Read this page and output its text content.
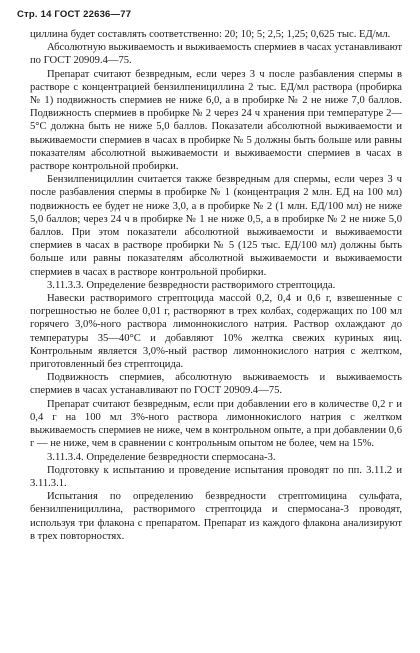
Стр. 14 ГОСТ 22636—77

циллина будет составлять соответственно: 20; 10; 5; 2,5; 1,25; 0,625 тыс. ЕД/мл.

Абсолютную выживаемость и выживаемость спермиев в часах устанавливают по ГОСТ 20909.4—75.

Препарат считают безвредным, если через 3 ч после разбавления спермы в растворе с концентрацией бензилпенициллина 2 тыс. ЕД/мл раствора (пробирка № 1) подвижность спермиев не ниже 6,0, а в пробирке № 2 не ниже 7,0 баллов. Подвижность спермиев в пробирке № 2 через 24 ч хранения при температуре 2—5°С должна быть не ниже 5,0 баллов. Показатели абсолютной выживаемости и выживаемости спермиев в часах в пробирке № 5 должны быть больше или равны показателям абсолютной выживаемости и выживаемости спермиев в часах в растворе контрольной пробирки.

Бензилпенициллин считается также безвредным для спермы, если через 3 ч после разбавления спермы в пробирке № 1 (концентрация 2 млн. ЕД на 100 мл) подвижность ее будет не ниже 3,0, а в пробирке № 2 (1 млн. ЕД/100 мл) не ниже 5,0 баллов; через 24 ч в пробирке № 1 не ниже 0,5, а в пробирке № 2 не ниже 5,0 баллов. При этом показатели абсолютной выживаемости и выживаемости спермиев в часах в растворе пробирки № 5 (125 тыс. ЕД/100 мл) должны быть больше или равны показателям абсолютной выживаемости и выживаемости спермиев в часах в растворе контрольной пробирки.

3.11.3.3. Определение безвредности растворимого стрептоцида.

Навески растворимого стрептоцида массой 0,2, 0,4 и 0,6 г, взвешенные с погрешностью не более 0,01 г, растворяют в трех колбах, содержащих по 100 мл горячего 3,0%-ного раствора лимоннокислого натрия. Раствор охлаждают до температуры 35—40°С и добавляют 10% желтка свежих куриных яиц. Контрольным является 3,0%-ный раствор лимоннокислого натрия с желтком, приготовленный без стрептоцида.

Подвижность спермиев, абсолютную выживаемость и выживаемость спермиев в часах устанавливают по ГОСТ 20909.4—75.

Препарат считают безвредным, если при добавлении его в количестве 0,2 г и 0,4 г на 100 мл 3%-ного раствора лимоннокислого натрия с желтком выживаемость спермиев не ниже, чем в контрольном опыте, а при добавлении 0,6 г — не ниже, чем в сравнении с контрольным опытом не более, чем на 15%.

3.11.3.4. Определение безвредности спермосана-3.

Подготовку к испытанию и проведение испытания проводят по пп. 3.11.2 и 3.11.3.1.

Испытания по определению безвредности стрептомицина сульфата, бензилпенициллина, растворимого стрептоцида и спермосана-3 проводят, используя три флакона с препаратом. Препарат из каждого флакона анализируют в трех повторностях.
